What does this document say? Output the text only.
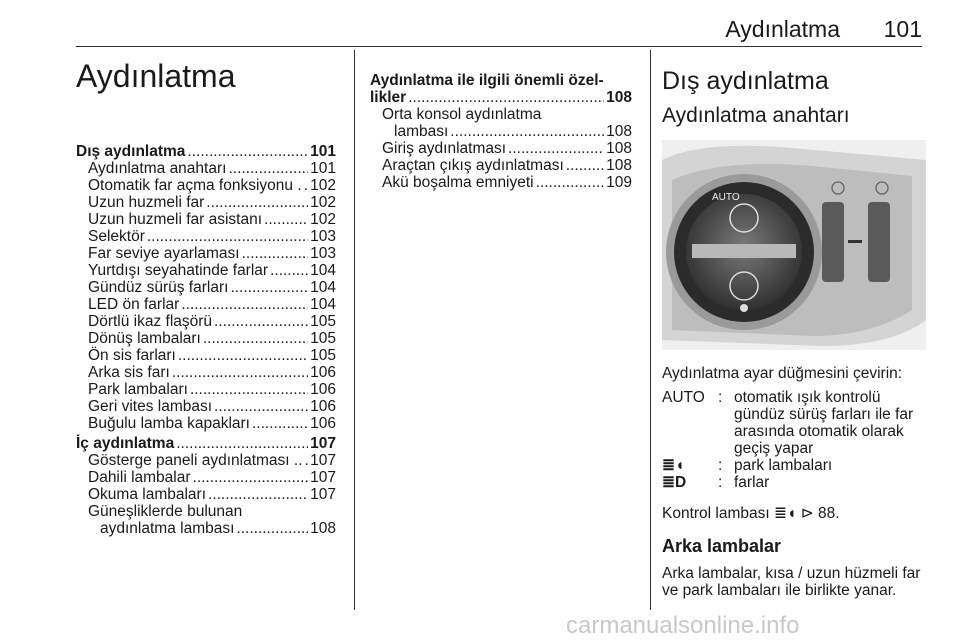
Aydınlatma 101
Aydınlatma
Dış aydınlatma .....	101
Aydınlatma anahtarı .....	101
Otomatik far açma fonksiyonu . ..... 102
Uzun huzmeli far .....	102
Uzun huzmeli far asistanı .....	102
Selektör .....	103
Far seviye ayarlaması .....	103
Yurtdışı seyahatinde farlar .....	104
Gündüz sürüş farları .....	104
LED ön farlar .....	104
Dörtlü ikaz flaşörü .....	105
Dönüş lambaları .....	105
Ön sis farları .....	105
Arka sis farı .....	106
Park lambaları .....	106
Geri vites lambası .....	106
Buğulu lamba kapakları .....	106
İç aydınlatma .....	107
Gösterge paneli aydınlatması .. ..... 107
Dahili lambalar .....	107
Okuma lambaları .....	107
Güneşliklerde bulunan
aydınlatma lambası .....	108
Aydınlatma ile ilgili önemli özel-
likler .....	108
Orta konsol aydınlatma
lambası .....	108
Giriş aydınlatması .....	108
Araçtan çıkış aydınlatması .....	108
Akü boşalma emniyeti .....	109
Dış aydınlatma
Aydınlatma anahtarı
AUTO
Aydınlatma ayar düğmesini çevirin:
AUTO : otomatik ışık kontrolü gündüz sürüş farları ile far arasında otomatik olarak geçiş yapar
≣◖	: park lambaları
≣D	: farlar
Kontrol lambası ≣◖ ⊳ 88.
Arka lambalar
Arka lambalar, kısa / uzun hüzmeli far ve park lambaları ile birlikte yanar.
carmanualsonline.info
